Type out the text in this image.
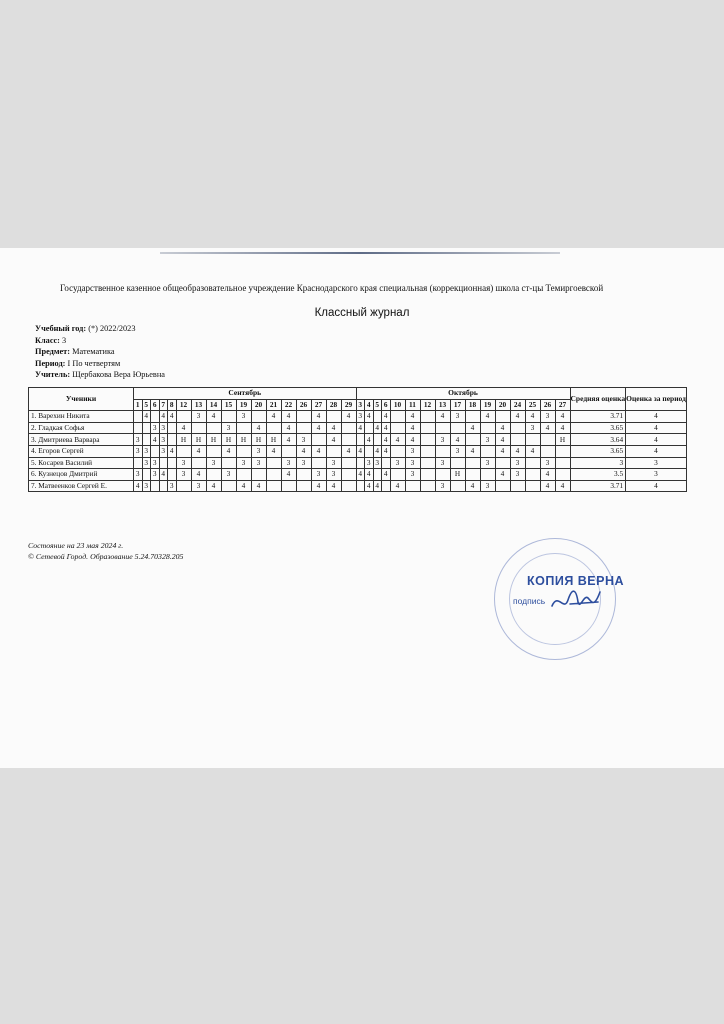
Государственное казенное общеобразовательное учреждение Краснодарского края специальная (коррекционная) школа ст-цы Темиргоевской
Классный журнал
Учебный год: (*) 2022/2023
Класс: 3
Предмет: Математика
Период: I По четвертям
Учитель: Щербакова Вера Юрьевна
Ученики	Сентябрь																	Октябрь																Средняя оценка	Оценка за период
	1	5	6	7	8	12	13	14	15	19	20	21	22	26	27	28	29	3	4	5	6	10	11	12	13	17	18	19	20	24	25	26	27		
1. Варехин Никита		4		4	4		3	4		3		4	4		4		4	3	4		4		4		4	3		4		4	4	3	4	3.71	4
2. Гладкая Софья			3	3		4			3		4		4		4	4		4		4	4		4				4		4		3	4	4	3.65	4
3. Дмитриева Варвара	3		4	3		Н	Н	Н	Н	Н	Н	Н	4	3		4			4		4	4	4		3	4		3	4				Н	3.64	4
4. Егоров Сергей	3	3		3	4		4		4		3	4		4	4		4	4		4	4		3			3	4		4	4	4			3.65	4
5. Косарев Василий		3	3			3		3		3	3		3	3		3			3	3		3	3		3			3		3		3		3	3
6. Кузнецов Дмитрий	3		3	4		3	4		3				4		3	3		4	4		4		3			Н			4	3		4		3.5	3
7. Матвеенков Сергей Е.	4	3			3		3	4		4	4				4	4			4	4		4			3		4	3				4	4	3.71	4
Состояние на 23 мая 2024 г.
© Сетевой Город. Образование 5.24.70328.205
КОПИЯ ВЕРНА
подпись
